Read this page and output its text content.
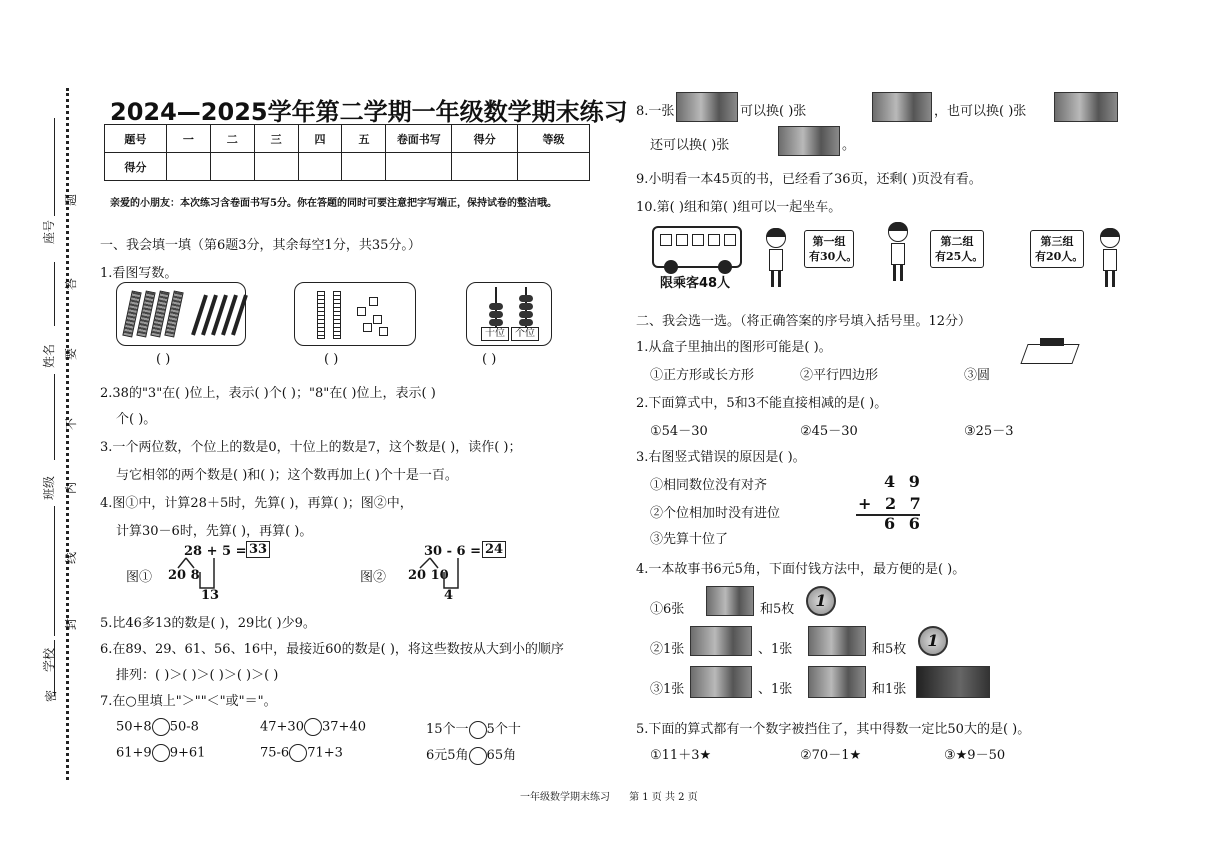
题
答
要
不
内
线
封
密
座号
姓名
班级
学校
2024—2025学年第二学期一年级数学期末练习
题号	一	二	三	四	五	卷面书写	得分	等级
得分								
亲爱的小朋友：本次练习含卷面书写5分。你在答题的同时可要注意把字写端正，保持试卷的整洁哦。
一、我会填一填（第6题3分，其余每空1分，共35分。）
1.看图写数。
( )	( )
十位	个位
( )
2.38的"3"在( )位上，表示( )个( )；"8"在( )位上，表示( )
个( )。
3.一个两位数，个位上的数是0，十位上的数是7，这个数是( )，读作( )；
与它相邻的两个数是( )和( )；这个数再加上( )个十是一百。
4.图①中，计算28＋5时，先算( )，再算( )；图②中，
计算30－6时，先算( )，再算( )。
图①
28 + 5 = 33
20 8
13
图②
30 - 6 = 24
20 10
4
5.比46多13的数是( )，29比( )少9。
6.在89、29、61、56、16中，最接近60的数是( )，将这些数按从大到小的顺序
排列：( )＞( )＞( )＞( )＞( )
7.在○里填上"＞""＜"或"＝"。
50+8 50-8	47+30 37+40	15个一 5个十
61+9 9+61	75-6 71+3	6元5角 65角
8.一张	可以换( )张	，也可以换( )张
还可以换( )张	。
9.小明看一本45页的书，已经看了36页，还剩( )页没有看。
10.第( )组和第( )组可以一起坐车。
限乘客48人
第一组
有30人。
第二组
有25人。
第三组
有20人。
二、我会选一选。（将正确答案的序号填入括号里。12分）
1.从盒子里抽出的图形可能是( )。
①正方形或长方形	②平行四边形	③圆
2.下面算式中，5和3不能直接相减的是( )。
①54－30	②45－30	③25－3
3.右图竖式错误的原因是( )。
①相同数位没有对齐
②个位相加时没有进位
③先算十位了
4 9
+ 2 7
6 6
4.一本故事书6元5角，下面付钱方法中，最方便的是( )。
①6张	和5枚	1
②1张	、1张	和5枚	1
③1张	、1张	和1张
5.下面的算式都有一个数字被挡住了，其中得数一定比50大的是( )。
①11＋3★	②70－1★	③★9－50
一年级数学期末练习      第 1 页 共 2 页
